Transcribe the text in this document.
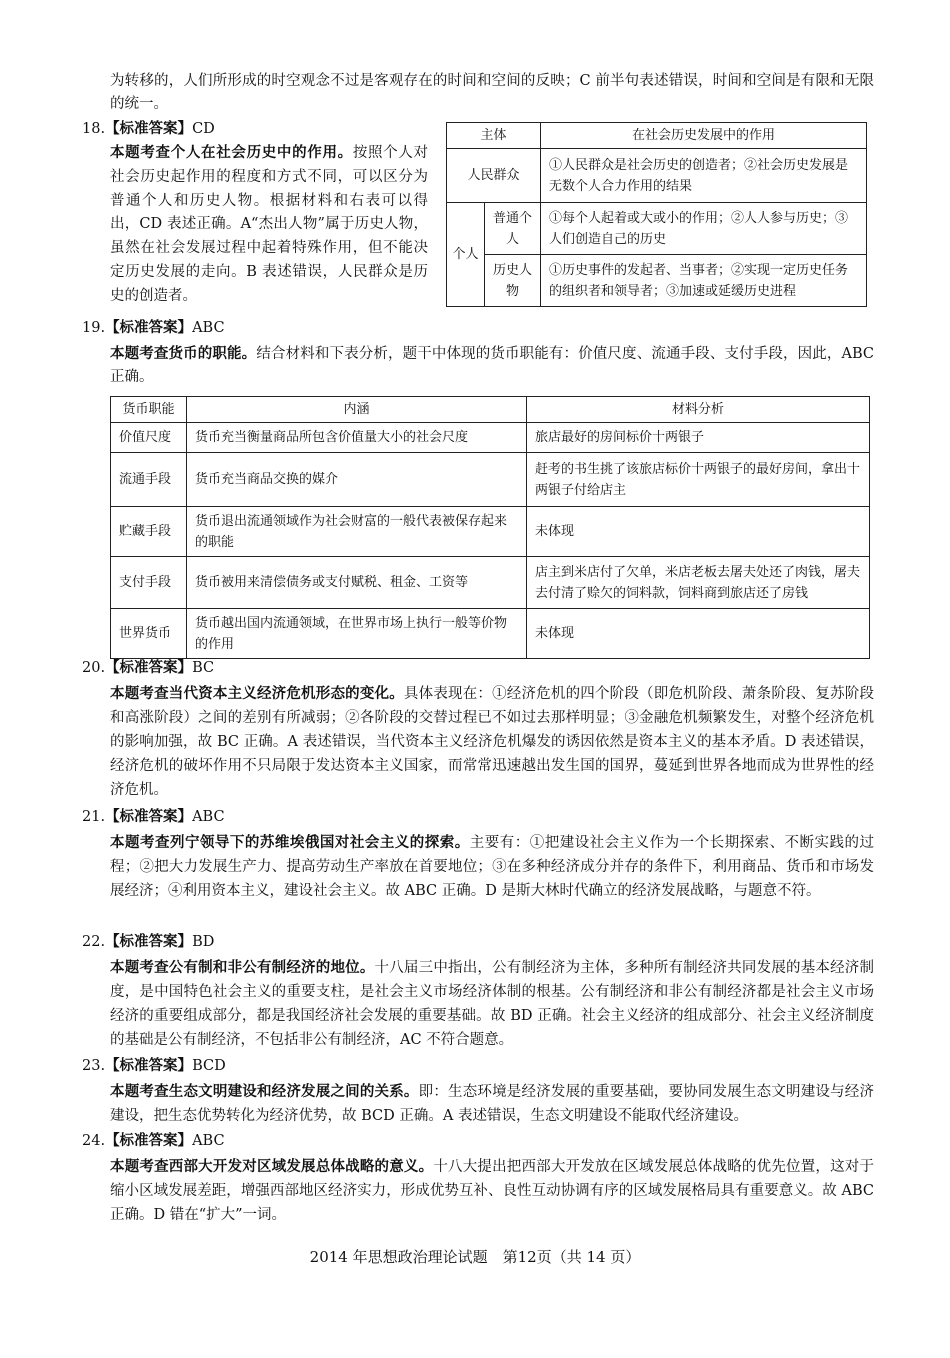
为转移的，人们所形成的时空观念不过是客观存在的时间和空间的反映；C 前半句表述错误，时间和空间是有限和无限的统一。

18.【标准答案】CD

本题考查个人在社会历史中的作用。按照个人对社会历史起作用的程度和方式不同，可以区分为普通个人和历史人物。根据材料和右表可以得出，CD 表述正确。A“杰出人物”属于历史人物，虽然在社会发展过程中起着特殊作用，但不能决定历史发展的走向。B 表述错误，人民群众是历史的创造者。

主体		在社会历史发展中的作用
人民群众		①人民群众是社会历史的创造者；②社会历史发展是无数个人合力作用的结果
个人	普通个人	①每个人起着或大或小的作用；②人人参与历史；③人们创造自己的历史
	历史人物	①历史事件的发起者、当事者；②实现一定历史任务的组织者和领导者；③加速或延缓历史进程

19.【标准答案】ABC

本题考查货币的职能。结合材料和下表分析，题干中体现的货币职能有：价值尺度、流通手段、支付手段，因此，ABC 正确。

货币职能	内涵	材料分析
价值尺度	货币充当衡量商品所包含价值量大小的社会尺度	旅店最好的房间标价十两银子
流通手段	货币充当商品交换的媒介	赶考的书生挑了该旅店标价十两银子的最好房间，拿出十两银子付给店主
贮藏手段	货币退出流通领域作为社会财富的一般代表被保存起来的职能	未体现
支付手段	货币被用来清偿债务或支付赋税、租金、工资等	店主到米店付了欠单，米店老板去屠夫处还了肉钱，屠夫去付清了赊欠的饲料款，饲料商到旅店还了房钱
世界货币	货币越出国内流通领域，在世界市场上执行一般等价物的作用	未体现

20.【标准答案】BC

本题考查当代资本主义经济危机形态的变化。具体表现在：①经济危机的四个阶段（即危机阶段、萧条阶段、复苏阶段和高涨阶段）之间的差别有所减弱；②各阶段的交替过程已不如过去那样明显；③金融危机频繁发生，对整个经济危机的影响加强，故 BC 正确。A 表述错误，当代资本主义经济危机爆发的诱因依然是资本主义的基本矛盾。D 表述错误，经济危机的破坏作用不只局限于发达资本主义国家，而常常迅速越出发生国的国界，蔓延到世界各地而成为世界性的经济危机。

21.【标准答案】ABC

本题考查列宁领导下的苏维埃俄国对社会主义的探索。主要有：①把建设社会主义作为一个长期探索、不断实践的过程；②把大力发展生产力、提高劳动生产率放在首要地位；③在多种经济成分并存的条件下，利用商品、货币和市场发展经济；④利用资本主义，建设社会主义。故 ABC 正确。D 是斯大林时代确立的经济发展战略，与题意不符。

22.【标准答案】BD

本题考查公有制和非公有制经济的地位。十八届三中指出，公有制经济为主体，多种所有制经济共同发展的基本经济制度，是中国特色社会主义的重要支柱，是社会主义市场经济体制的根基。公有制经济和非公有制经济都是社会主义市场经济的重要组成部分，都是我国经济社会发展的重要基础。故 BD 正确。社会主义经济的组成部分、社会主义经济制度的基础是公有制经济，不包括非公有制经济，AC 不符合题意。

23.【标准答案】BCD

本题考查生态文明建设和经济发展之间的关系。即：生态环境是经济发展的重要基础，要协同发展生态文明建设与经济建设，把生态优势转化为经济优势，故 BCD 正确。A 表述错误，生态文明建设不能取代经济建设。

24.【标准答案】ABC

本题考查西部大开发对区域发展总体战略的意义。十八大提出把西部大开发放在区域发展总体战略的优先位置，这对于缩小区域发展差距，增强西部地区经济实力，形成优势互补、良性互动协调有序的区域发展格局具有重要意义。故 ABC 正确。D 错在“扩大”一词。

2014 年思想政治理论试题　第12页（共 14 页）
